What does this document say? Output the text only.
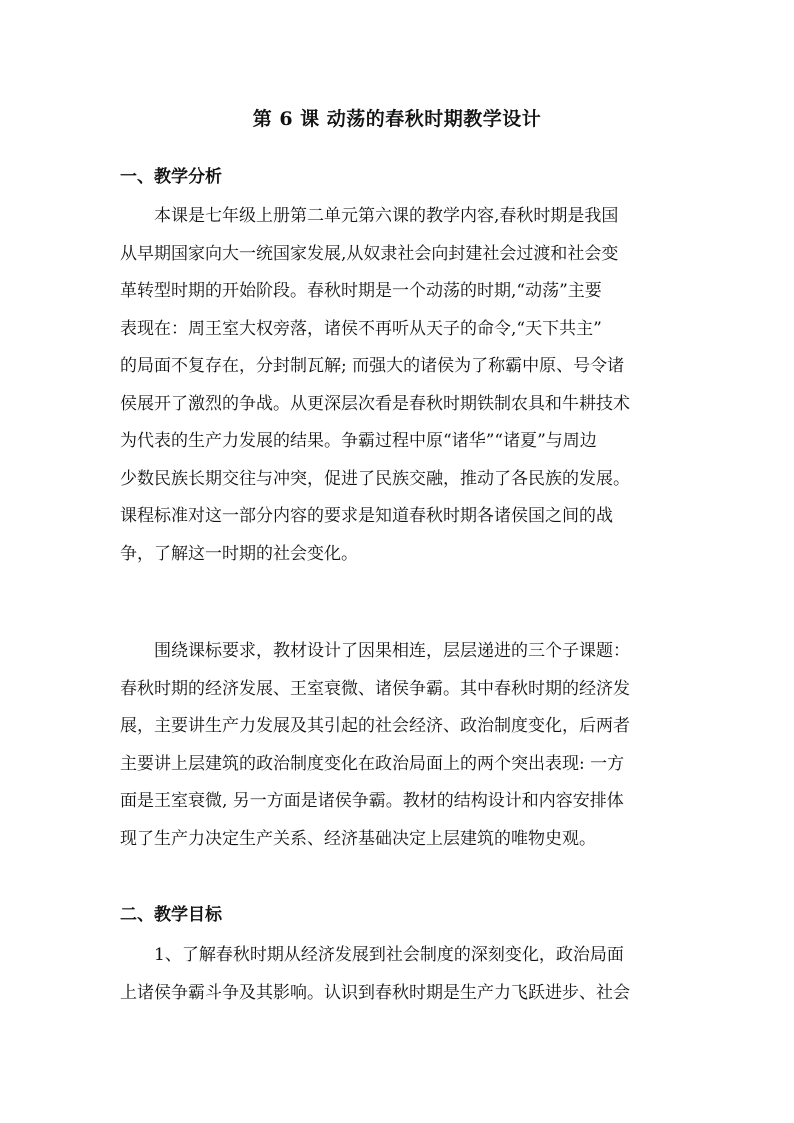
第 6 课 动荡的春秋时期教学设计
一、教学分析
本课是七年级上册第二单元第六课的教学内容,春秋时期是我国
从早期国家向大一统国家发展,从奴隶社会向封建社会过渡和社会变
革转型时期的开始阶段。春秋时期是一个动荡的时期,“动荡”主要
表现在：周王室大权旁落，诸侯不再听从天子的命令,“天下共主”
的局面不复存在，分封制瓦解; 而强大的诸侯为了称霸中原、号令诸
侯展开了激烈的争战。从更深层次看是春秋时期铁制农具和牛耕技术
为代表的生产力发展的结果。争霸过程中原“诸华”“诸夏”与周边
少数民族长期交往与冲突，促进了民族交融，推动了各民族的发展。
课程标准对这一部分内容的要求是知道春秋时期各诸侯国之间的战
争，了解这一时期的社会变化。
围绕课标要求，教材设计了因果相连，层层递进的三个子课题：
春秋时期的经济发展、王室衰微、诸侯争霸。其中春秋时期的经济发
展，主要讲生产力发展及其引起的社会经济、政治制度变化，后两者
主要讲上层建筑的政治制度变化在政治局面上的两个突出表现: 一方
面是王室衰微, 另一方面是诸侯争霸。教材的结构设计和内容安排体
现了生产力决定生产关系、经济基础决定上层建筑的唯物史观。
二、教学目标
1、了解春秋时期从经济发展到社会制度的深刻变化，政治局面
上诸侯争霸斗争及其影响。认识到春秋时期是生产力飞跃进步、社会
